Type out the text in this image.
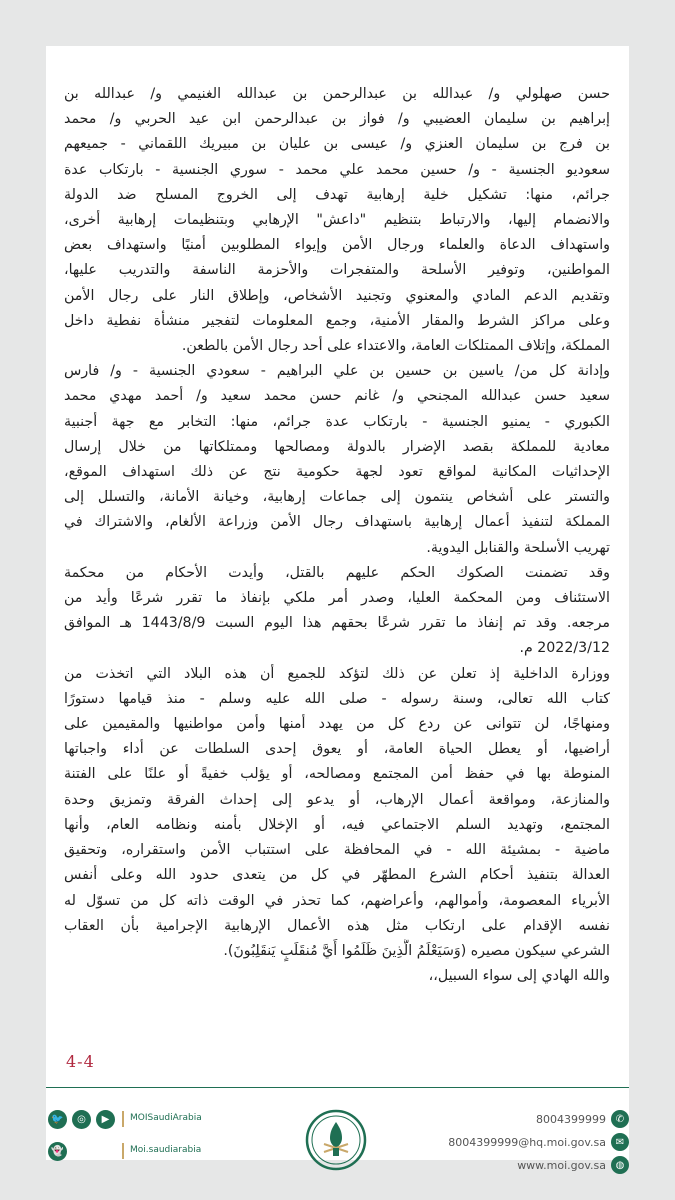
حسن صهلولي و/ عبدالله بن عبدالرحمن بن عبدالله الغنيمي و/ عبدالله بن
إبراهيم بن سليمان العضيبي و/ فواز بن عبدالرحمن ابن عيد الحربي و/ محمد
بن فرج بن سليمان العنزي و/ عيسى بن عليان بن مبيريك اللقماني - جميعهم
سعوديو الجنسية - و/ حسين محمد علي محمد - سوري الجنسية - بارتكاب عدة
جرائم، منها: تشكيل خلية إرهابية تهدف إلى الخروج المسلح ضد الدولة
والانضمام إليها، والارتباط بتنظيم "داعش" الإرهابي وبتنظيمات إرهابية أخرى،
واستهداف الدعاة والعلماء ورجال الأمن وإيواء المطلوبين أمنيًا واستهداف بعض
المواطنين، وتوفير الأسلحة والمتفجرات والأحزمة الناسفة والتدريب عليها،
وتقديم الدعم المادي والمعنوي وتجنيد الأشخاص، وإطلاق النار على رجال الأمن
وعلى مراكز الشرط والمقار الأمنية، وجمع المعلومات لتفجير منشأة نفطية داخل
المملكة، وإتلاف الممتلكات العامة، والاعتداء على أحد رجال الأمن بالطعن.
وإدانة كل من/ ياسين بن حسين بن علي البراهيم - سعودي الجنسية - و/ فارس
سعيد حسن عبدالله المجنحي و/ غانم حسن محمد سعيد و/ أحمد مهدي محمد
الكبوري - يمنيو الجنسية - بارتكاب عدة جرائم، منها: التخابر مع جهة أجنبية
معادية للمملكة بقصد الإضرار بالدولة ومصالحها وممتلكاتها من خلال إرسال
الإحداثيات المكانية لمواقع تعود لجهة حكومية نتج عن ذلك استهداف الموقع،
والتستر على أشخاص ينتمون إلى جماعات إرهابية، وخيانة الأمانة، والتسلل إلى
المملكة لتنفيذ أعمال إرهابية باستهداف رجال الأمن وزراعة الألغام، والاشتراك في
تهريب الأسلحة والقنابل اليدوية.
وقد تضمنت الصكوك الحكم عليهم بالقتل، وأيدت الأحكام من محكمة
الاستئناف ومن المحكمة العليا، وصدر أمر ملكي بإنفاذ ما تقرر شرعًا وأيد من
مرجعه. وقد تم إنفاذ ما تقرر شرعًا بحقهم هذا اليوم السبت 1443/8/9 هـ الموافق
2022/3/12 م.
ووزارة الداخلية إذ تعلن عن ذلك لتؤكد للجميع أن هذه البلاد التي اتخذت من
كتاب الله تعالى، وسنة رسوله - صلى الله عليه وسلم - منذ قيامها دستورًا
ومنهاجًا، لن تتوانى عن ردع كل من يهدد أمنها وأمن مواطنيها والمقيمين على
أراضيها، أو يعطل الحياة العامة، أو يعوق إحدى السلطات عن أداء واجباتها
المنوطة بها في حفظ أمن المجتمع ومصالحه، أو يؤلب خفيةً أو علنًا على الفتنة
والمنازعة، ومواقعة أعمال الإرهاب، أو يدعو إلى إحداث الفرقة وتمزيق وحدة
المجتمع، وتهديد السلم الاجتماعي فيه، أو الإخلال بأمنه ونظامه العام، وأنها
ماضية - بمشيئة الله - في المحافظة على استتباب الأمن واستقراره، وتحقيق
العدالة بتنفيذ أحكام الشرع المطهّر في كل من يتعدى حدود الله وعلى أنفس
الأبرياء المعصومة، وأموالهم، وأعراضهم، كما تحذر في الوقت ذاته كل من تسوّل له
نفسه الإقدام على ارتكاب مثل هذه الأعمال الإرهابية الإجرامية بأن العقاب
الشرعي سيكون مصيره (وَسَيَعْلَمُ الَّذِينَ ظَلَمُوا أَيَّ مُنقَلَبٍ يَنقَلِبُونَ).
والله الهادي إلى سواء السبيل،،
4-4
🐦	◎	▶	MOISaudiArabia
👻	Moi.saudiarabia
8004399999 ✆
8004399999@hq.moi.gov.sa ✉
www.moi.gov.sa ◍
